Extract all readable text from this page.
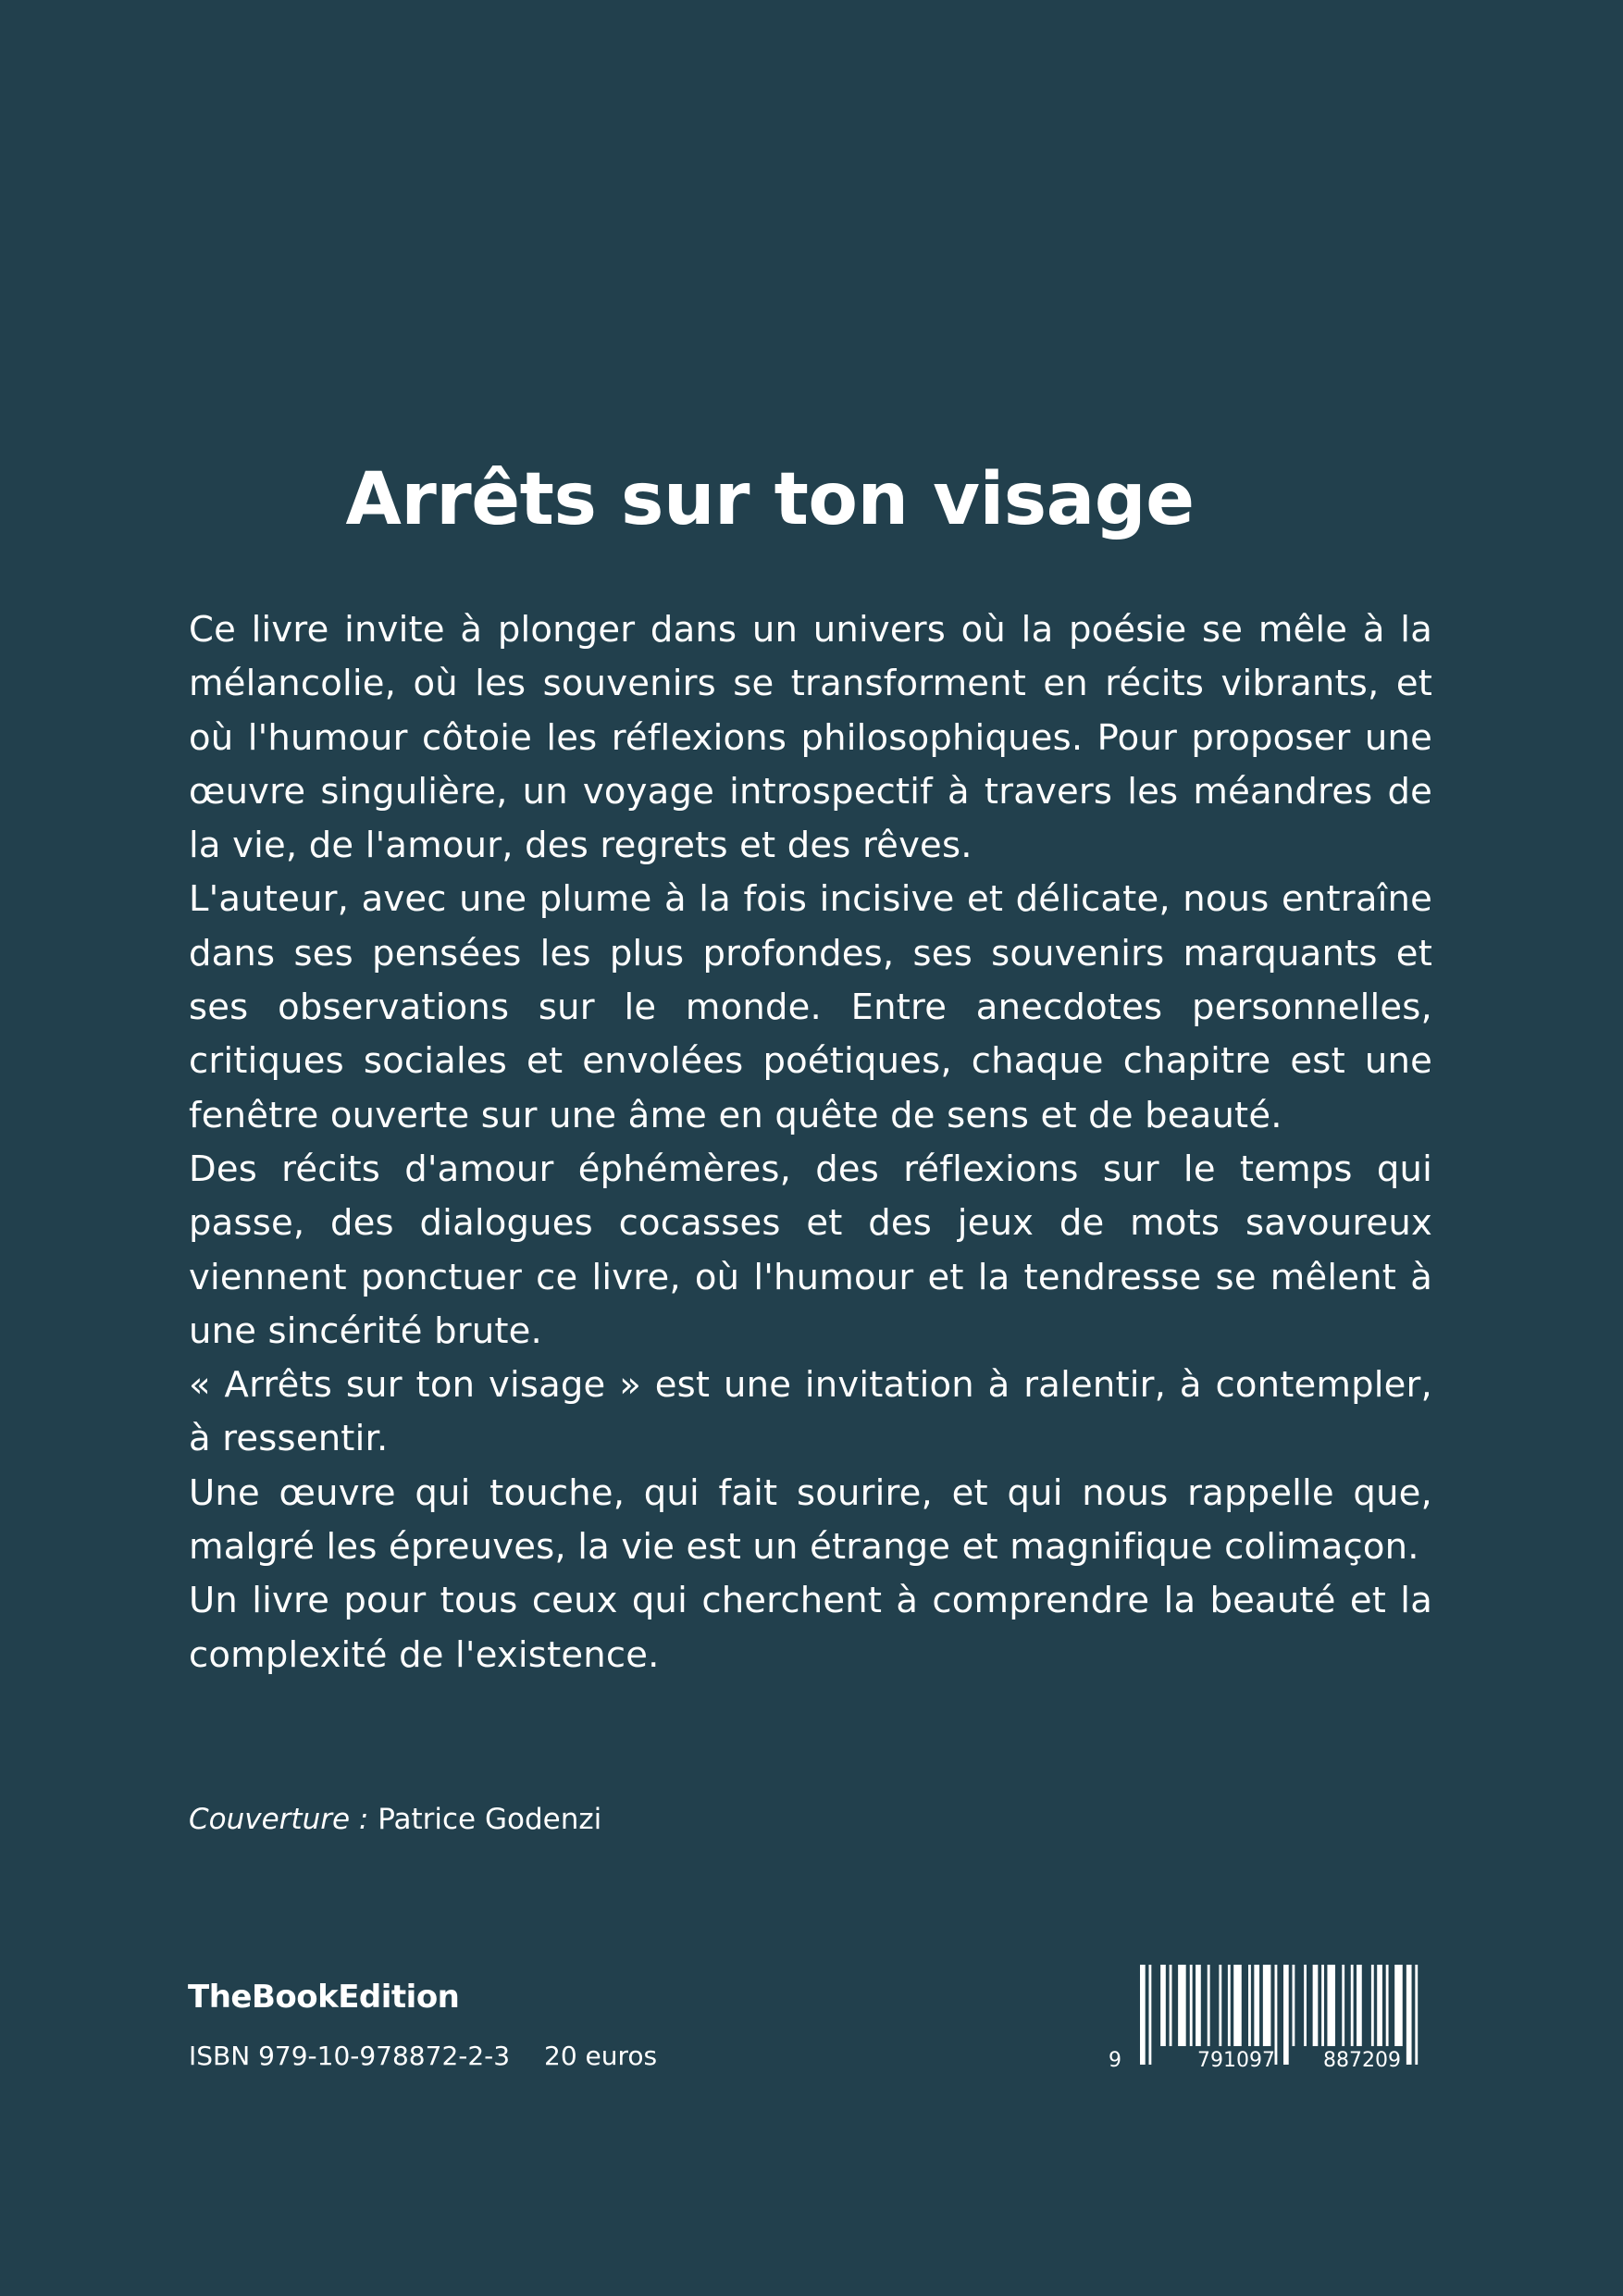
Arrêts sur ton visage

Ce livre invite à plonger dans un univers où la poésie se mêle à la mélancolie, où les souvenirs se transforment en récits vibrants, et où l'humour côtoie les réflexions philosophiques. Pour proposer une œuvre singulière, un voyage introspectif à travers les méandres de la vie, de l'amour, des regrets et des rêves.

L'auteur, avec une plume à la fois incisive et délicate, nous entraîne dans ses pensées les plus profondes, ses souvenirs marquants et ses observations sur le monde. Entre anecdotes personnelles, critiques sociales et envolées poétiques, chaque chapitre est une fenêtre ouverte sur une âme en quête de sens et de beauté.

Des récits d'amour éphémères, des réflexions sur le temps qui passe, des dialogues cocasses et des jeux de mots savoureux viennent ponctuer ce livre, où l'humour et la tendresse se mêlent à une sincérité brute.

« Arrêts sur ton visage » est une invitation à ralentir, à contempler, à ressentir.

Une œuvre qui touche, qui fait sourire, et qui nous rappelle que, malgré les épreuves, la vie est un étrange et magnifique colimaçon.

Un livre pour tous ceux qui cherchent à comprendre la beauté et la complexité de l'existence.

Couverture : Patrice Godenzi
TheBookEdition
ISBN 979-10-978872-2-3 20 euros	9	791097 887209
